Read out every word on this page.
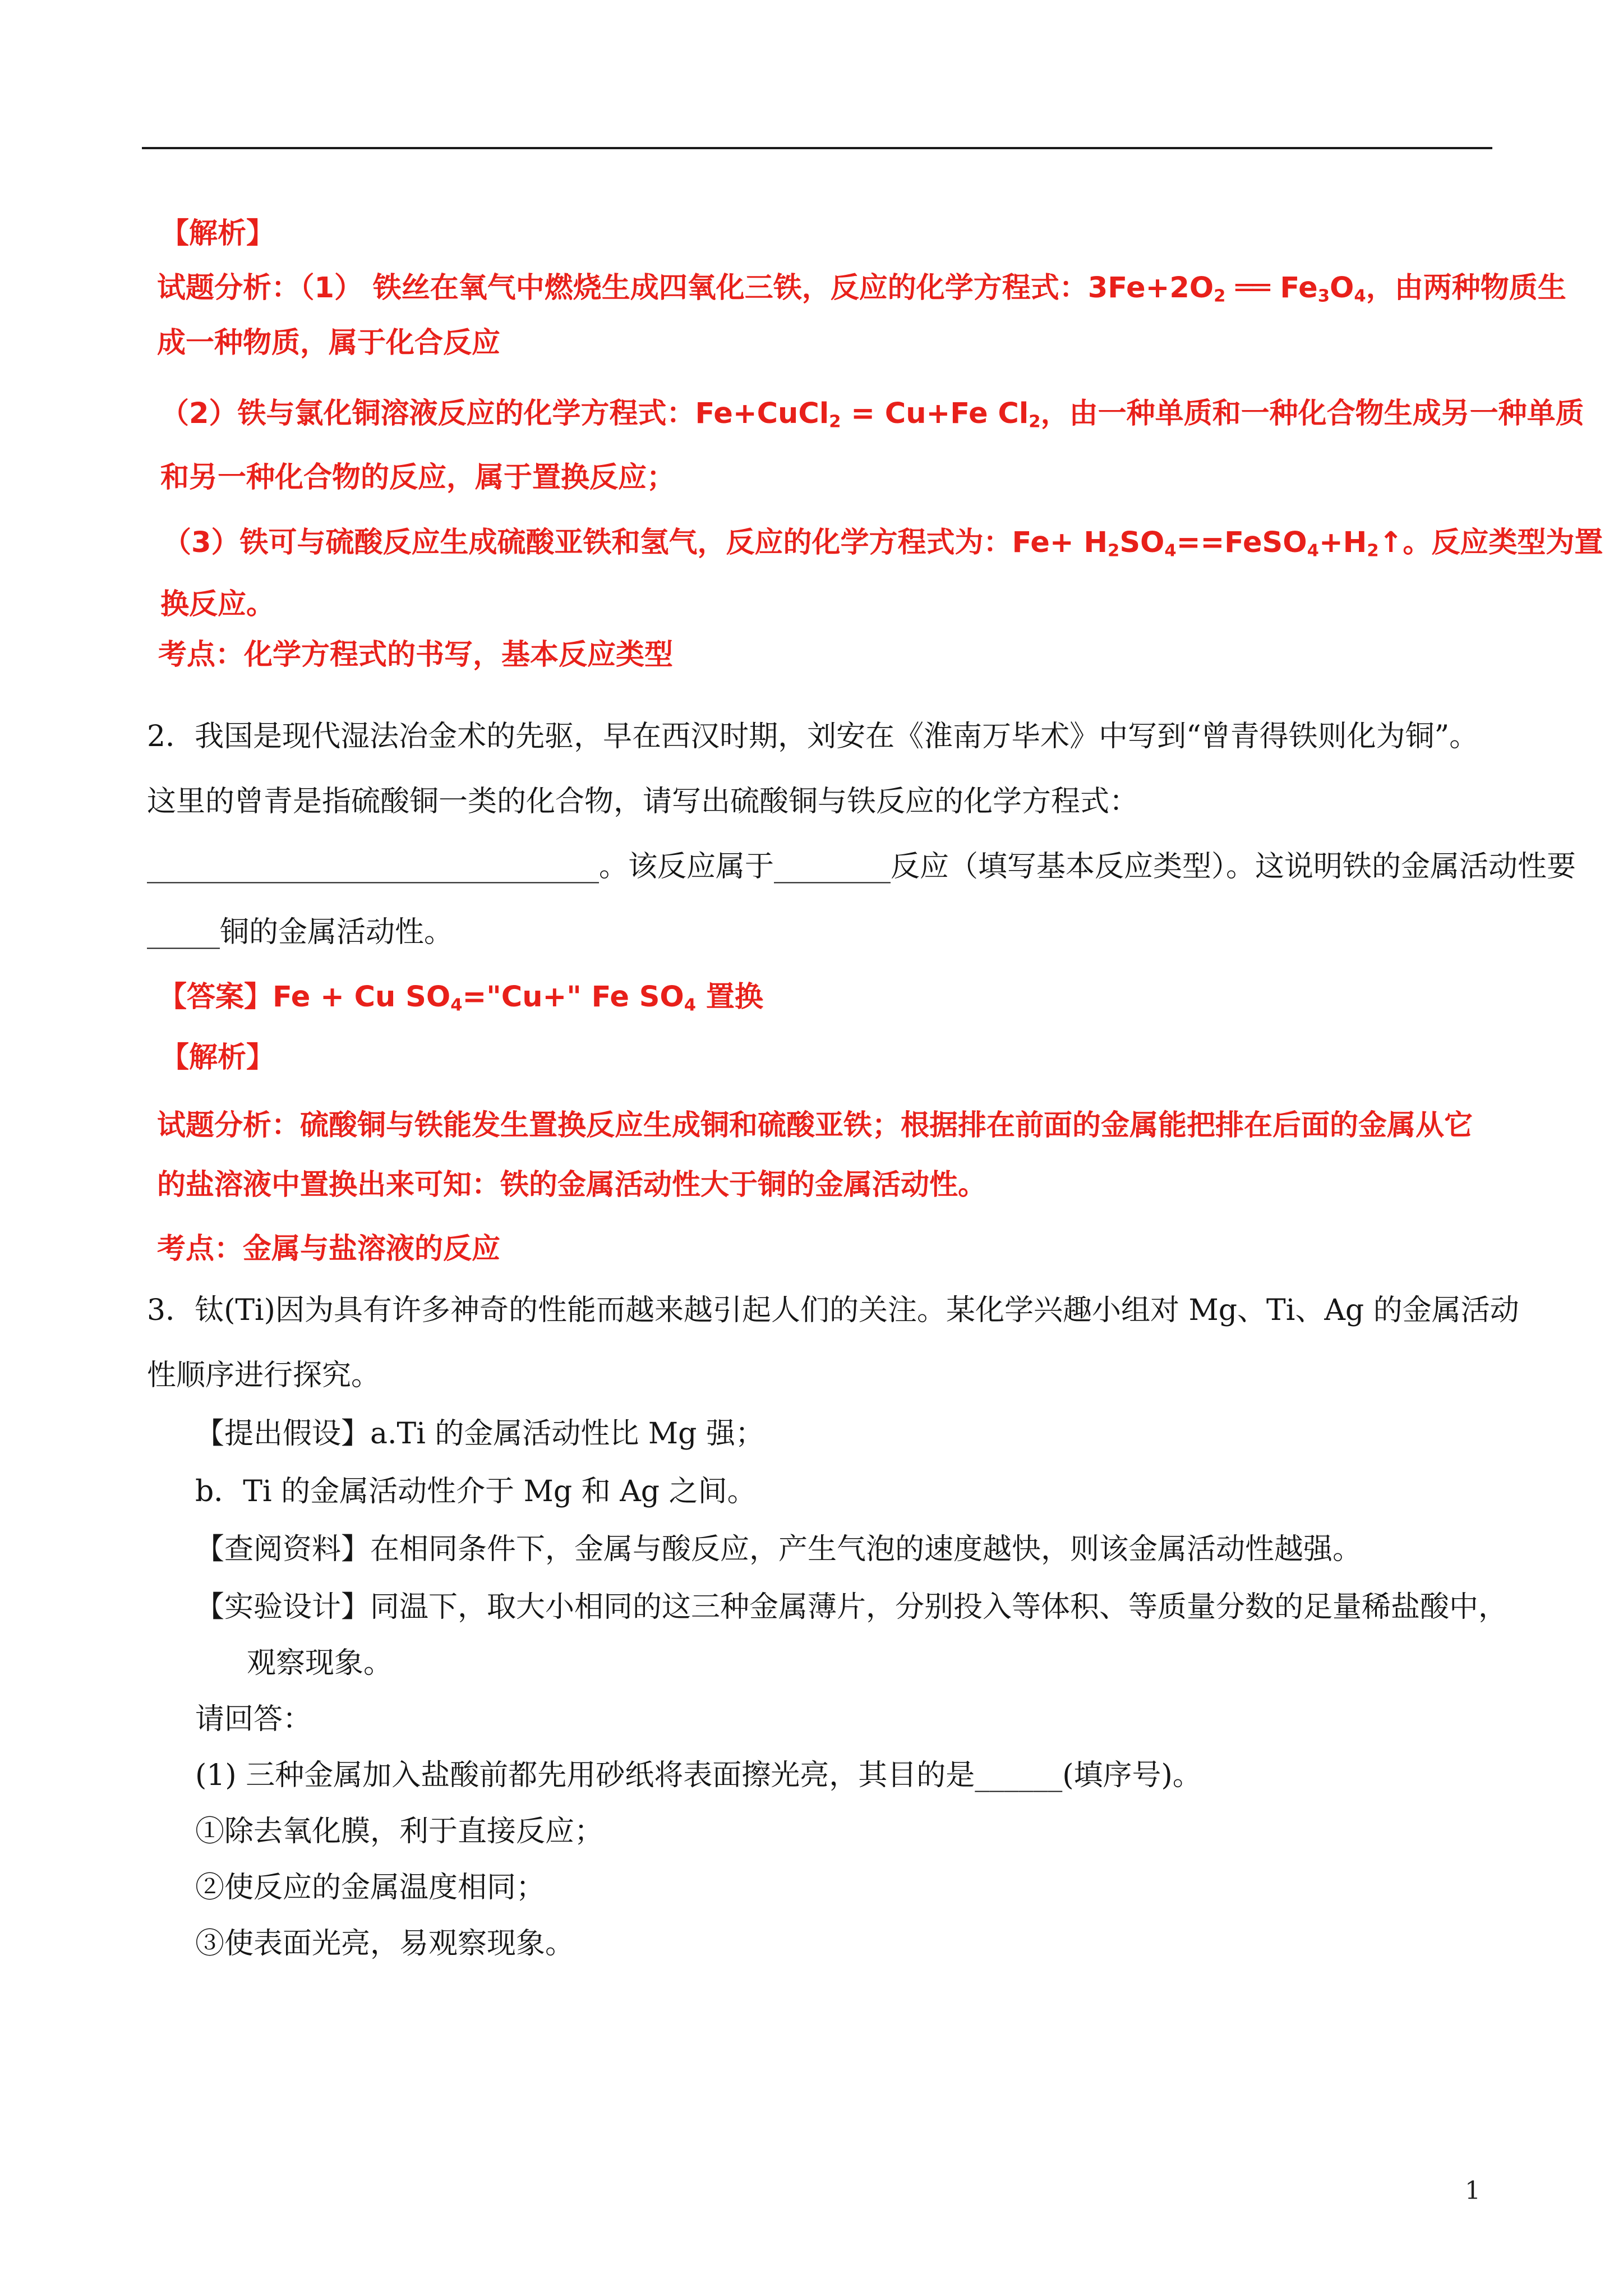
【解析】
试题分析：（1） 铁丝在氧气中燃烧生成四氧化三铁，反应的化学方程式：$3Fe+2O_2$ ══ $Fe_3O_4$，由两种物质生
成一种物质，属于化合反应
（2）铁与氯化铜溶液反应的化学方程式：Fe+CuCl$_2$ = Cu+Fe $Cl_2$，由一种单质和一种化合物生成另一种单质
和另一种化合物的反应，属于置换反应；
（3）铁可与硫酸反应生成硫酸亚铁和氢气，反应的化学方程式为：$Fe+ H_2SO_4==FeSO_4+H_2↑$。反应类型为置
换反应。
考点：化学方程式的书写，基本反应类型
2．我国是现代湿法冶金术的先驱，早在西汉时期，刘安在《淮南万毕术》中写到“曾青得铁则化为铜”。
这里的曾青是指硫酸铜一类的化合物，请写出硫酸铜与铁反应的化学方程式：
_______________________________。该反应属于________反应（填写基本反应类型）。这说明铁的金属活动性要
_____铜的金属活动性。
【答案】Fe + Cu $SO_4="Cu+$" Fe $SO_4$ 置换
【解析】
试题分析：硫酸铜与铁能发生置换反应生成铜和硫酸亚铁；根据排在前面的金属能把排在后面的金属从它
的盐溶液中置换出来可知：铁的金属活动性大于铜的金属活动性。
考点：金属与盐溶液的反应
3．钛(Ti)因为具有许多神奇的性能而越来越引起人们的关注。某化学兴趣小组对 Mg、Ti、Ag 的金属活动
性顺序进行探究。
【提出假设】a.Ti 的金属活动性比 Mg 强；
b．Ti 的金属活动性介于 Mg 和 Ag 之间。
【查阅资料】在相同条件下，金属与酸反应，产生气泡的速度越快，则该金属活动性越强。
【实验设计】同温下，取大小相同的这三种金属薄片，分别投入等体积、等质量分数的足量稀盐酸中，
观察现象。
请回答：
(1) 三种金属加入盐酸前都先用砂纸将表面擦光亮，其目的是______(填序号)。
①除去氧化膜，利于直接反应；
②使反应的金属温度相同；
③使表面光亮，易观察现象。
1
